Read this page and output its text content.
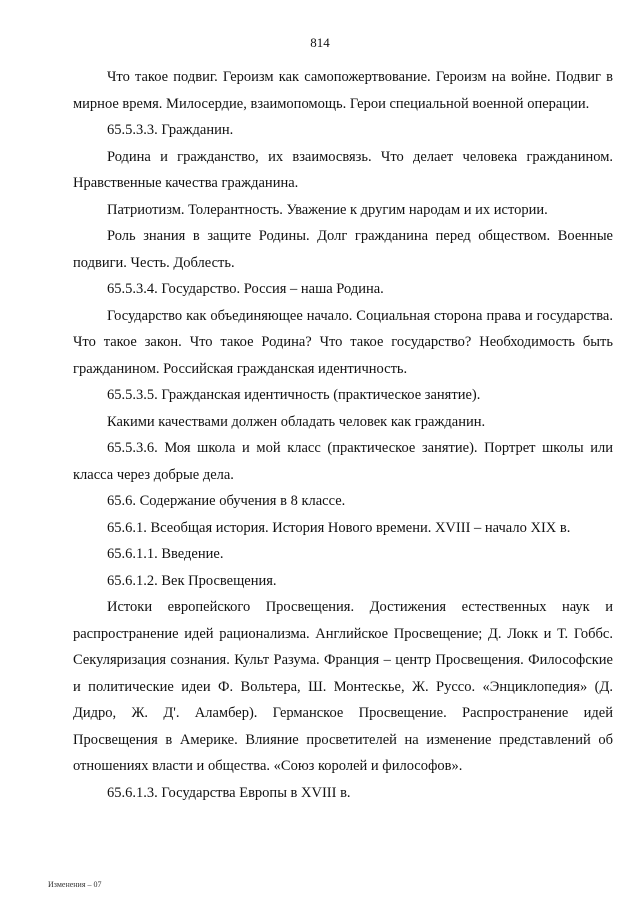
814

Что такое подвиг. Героизм как самопожертвование. Героизм на войне. Подвиг в мирное время. Милосердие, взаимопомощь. Герои специальной военной операции.

65.5.3.3. Гражданин.

Родина и гражданство, их взаимосвязь. Что делает человека гражданином. Нравственные качества гражданина.

Патриотизм. Толерантность. Уважение к другим народам и их истории.

Роль знания в защите Родины. Долг гражданина перед обществом. Военные подвиги. Честь. Доблесть.

65.5.3.4. Государство. Россия – наша Родина.

Государство как объединяющее начало. Социальная сторона права и государства. Что такое закон. Что такое Родина? Что такое государство? Необходимость быть гражданином. Российская гражданская идентичность.

65.5.3.5. Гражданская идентичность (практическое занятие).

Какими качествами должен обладать человек как гражданин.

65.5.3.6. Моя школа и мой класс (практическое занятие). Портрет школы или класса через добрые дела.

65.6. Содержание обучения в 8 классе.

65.6.1. Всеобщая история. История Нового времени. XVIII – начало XIX в.

65.6.1.1. Введение.

65.6.1.2. Век Просвещения.

Истоки европейского Просвещения. Достижения естественных наук и распространение идей рационализма. Английское Просвещение; Д. Локк и Т. Гоббс. Секуляризация сознания. Культ Разума. Франция – центр Просвещения. Философские и политические идеи Ф. Вольтера, Ш. Монтескье, Ж. Руссо. «Энциклопедия» (Д. Дидро, Ж. Д'. Аламбер). Германское Просвещение. Распространение идей Просвещения в Америке. Влияние просветителей на изменение представлений об отношениях власти и общества. «Союз королей и философов».

65.6.1.3. Государства Европы в XVIII в.

Изменения – 07
